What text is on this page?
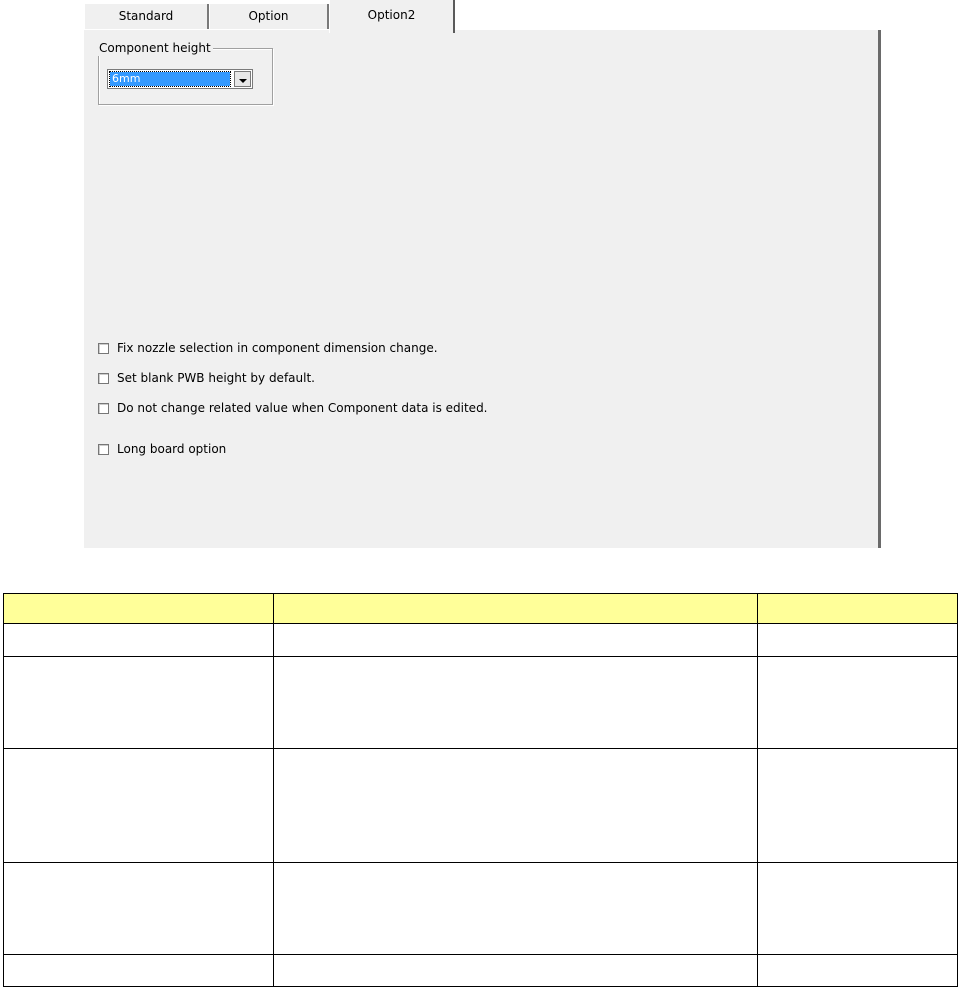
Standard	Option	Option2
Component height
6mm
Fix nozzle selection in component dimension change.
Set blank PWB height by default.
Do not change related value when Component data is edited.
Long board option
